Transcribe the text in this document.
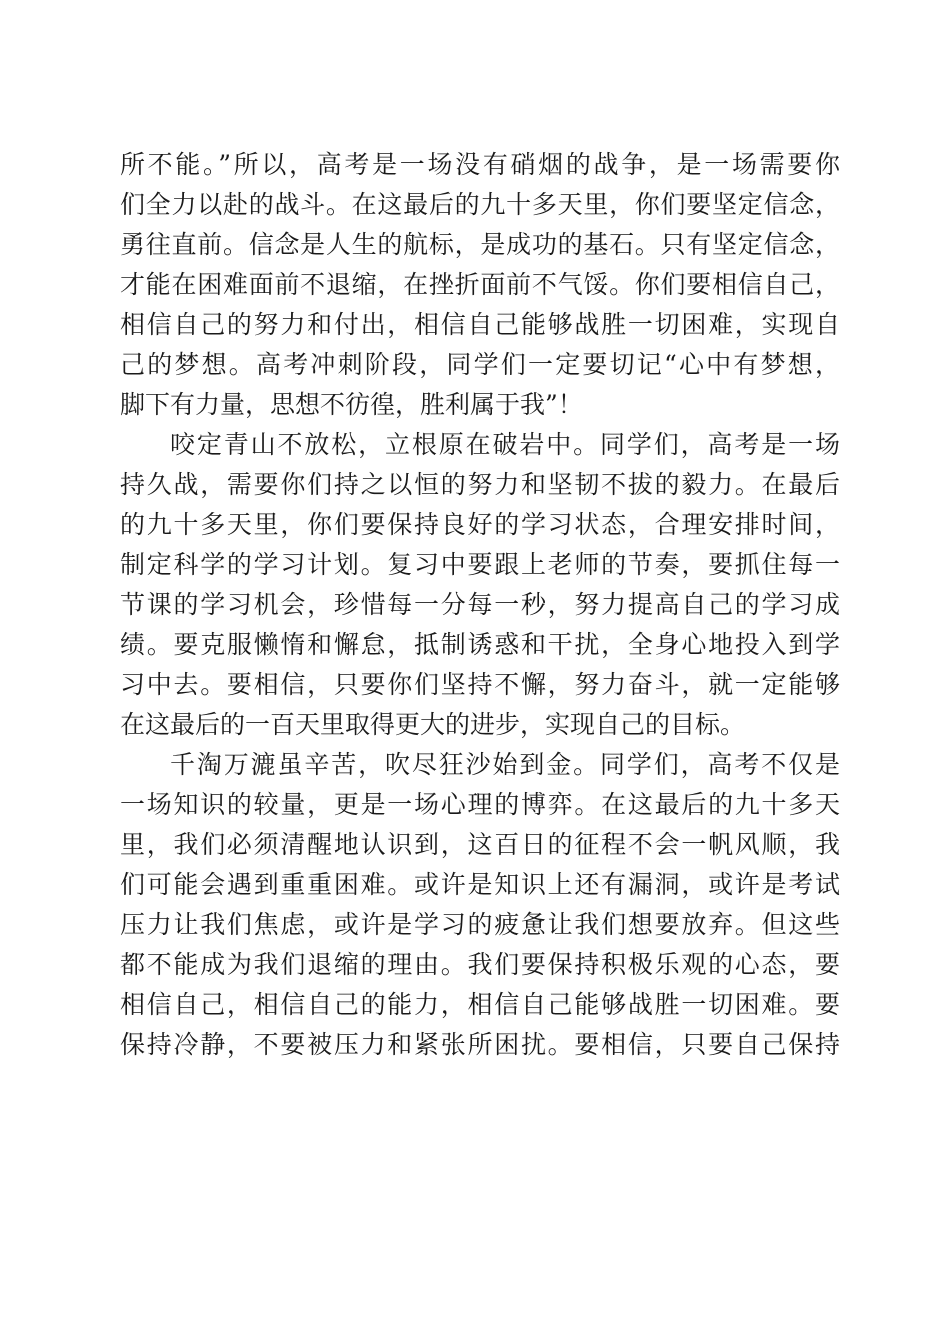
所不能。”所以，高考是一场没有硝烟的战争，是一场需要你
们全力以赴的战斗。在这最后的九十多天里，你们要坚定信念，
勇往直前。信念是人生的航标，是成功的基石。只有坚定信念，
才能在困难面前不退缩，在挫折面前不气馁。你们要相信自己，
相信自己的努力和付出，相信自己能够战胜一切困难，实现自
己的梦想。高考冲刺阶段，同学们一定要切记“心中有梦想，
脚下有力量，思想不彷徨，胜利属于我”！
咬定青山不放松，立根原在破岩中。同学们，高考是一场
持久战，需要你们持之以恒的努力和坚韧不拔的毅力。在最后
的九十多天里，你们要保持良好的学习状态，合理安排时间，
制定科学的学习计划。复习中要跟上老师的节奏，要抓住每一
节课的学习机会，珍惜每一分每一秒，努力提高自己的学习成
绩。要克服懒惰和懈怠，抵制诱惑和干扰，全身心地投入到学
习中去。要相信，只要你们坚持不懈，努力奋斗，就一定能够
在这最后的一百天里取得更大的进步，实现自己的目标。
千淘万漉虽辛苦，吹尽狂沙始到金。同学们，高考不仅是
一场知识的较量，更是一场心理的博弈。在这最后的九十多天
里，我们必须清醒地认识到，这百日的征程不会一帆风顺，我
们可能会遇到重重困难。或许是知识上还有漏洞，或许是考试
压力让我们焦虑，或许是学习的疲惫让我们想要放弃。但这些
都不能成为我们退缩的理由。我们要保持积极乐观的心态，要
相信自己，相信自己的能力，相信自己能够战胜一切困难。要
保持冷静，不要被压力和紧张所困扰。要相信，只要自己保持
